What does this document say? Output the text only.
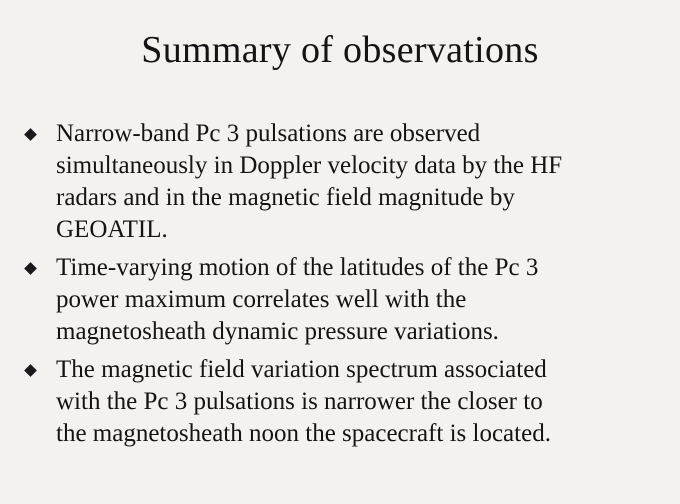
Summary of observations
Narrow-band Pc 3 pulsations are observed
simultaneously in Doppler velocity data by the HF
radars and in the magnetic field magnitude by
GEOATIL.
Time-varying motion of the latitudes of the Pc 3
power maximum correlates well with the
magnetosheath dynamic pressure variations.
The magnetic field variation spectrum associated
with the Pc 3 pulsations is narrower the closer to
the magnetosheath noon the spacecraft is located.
